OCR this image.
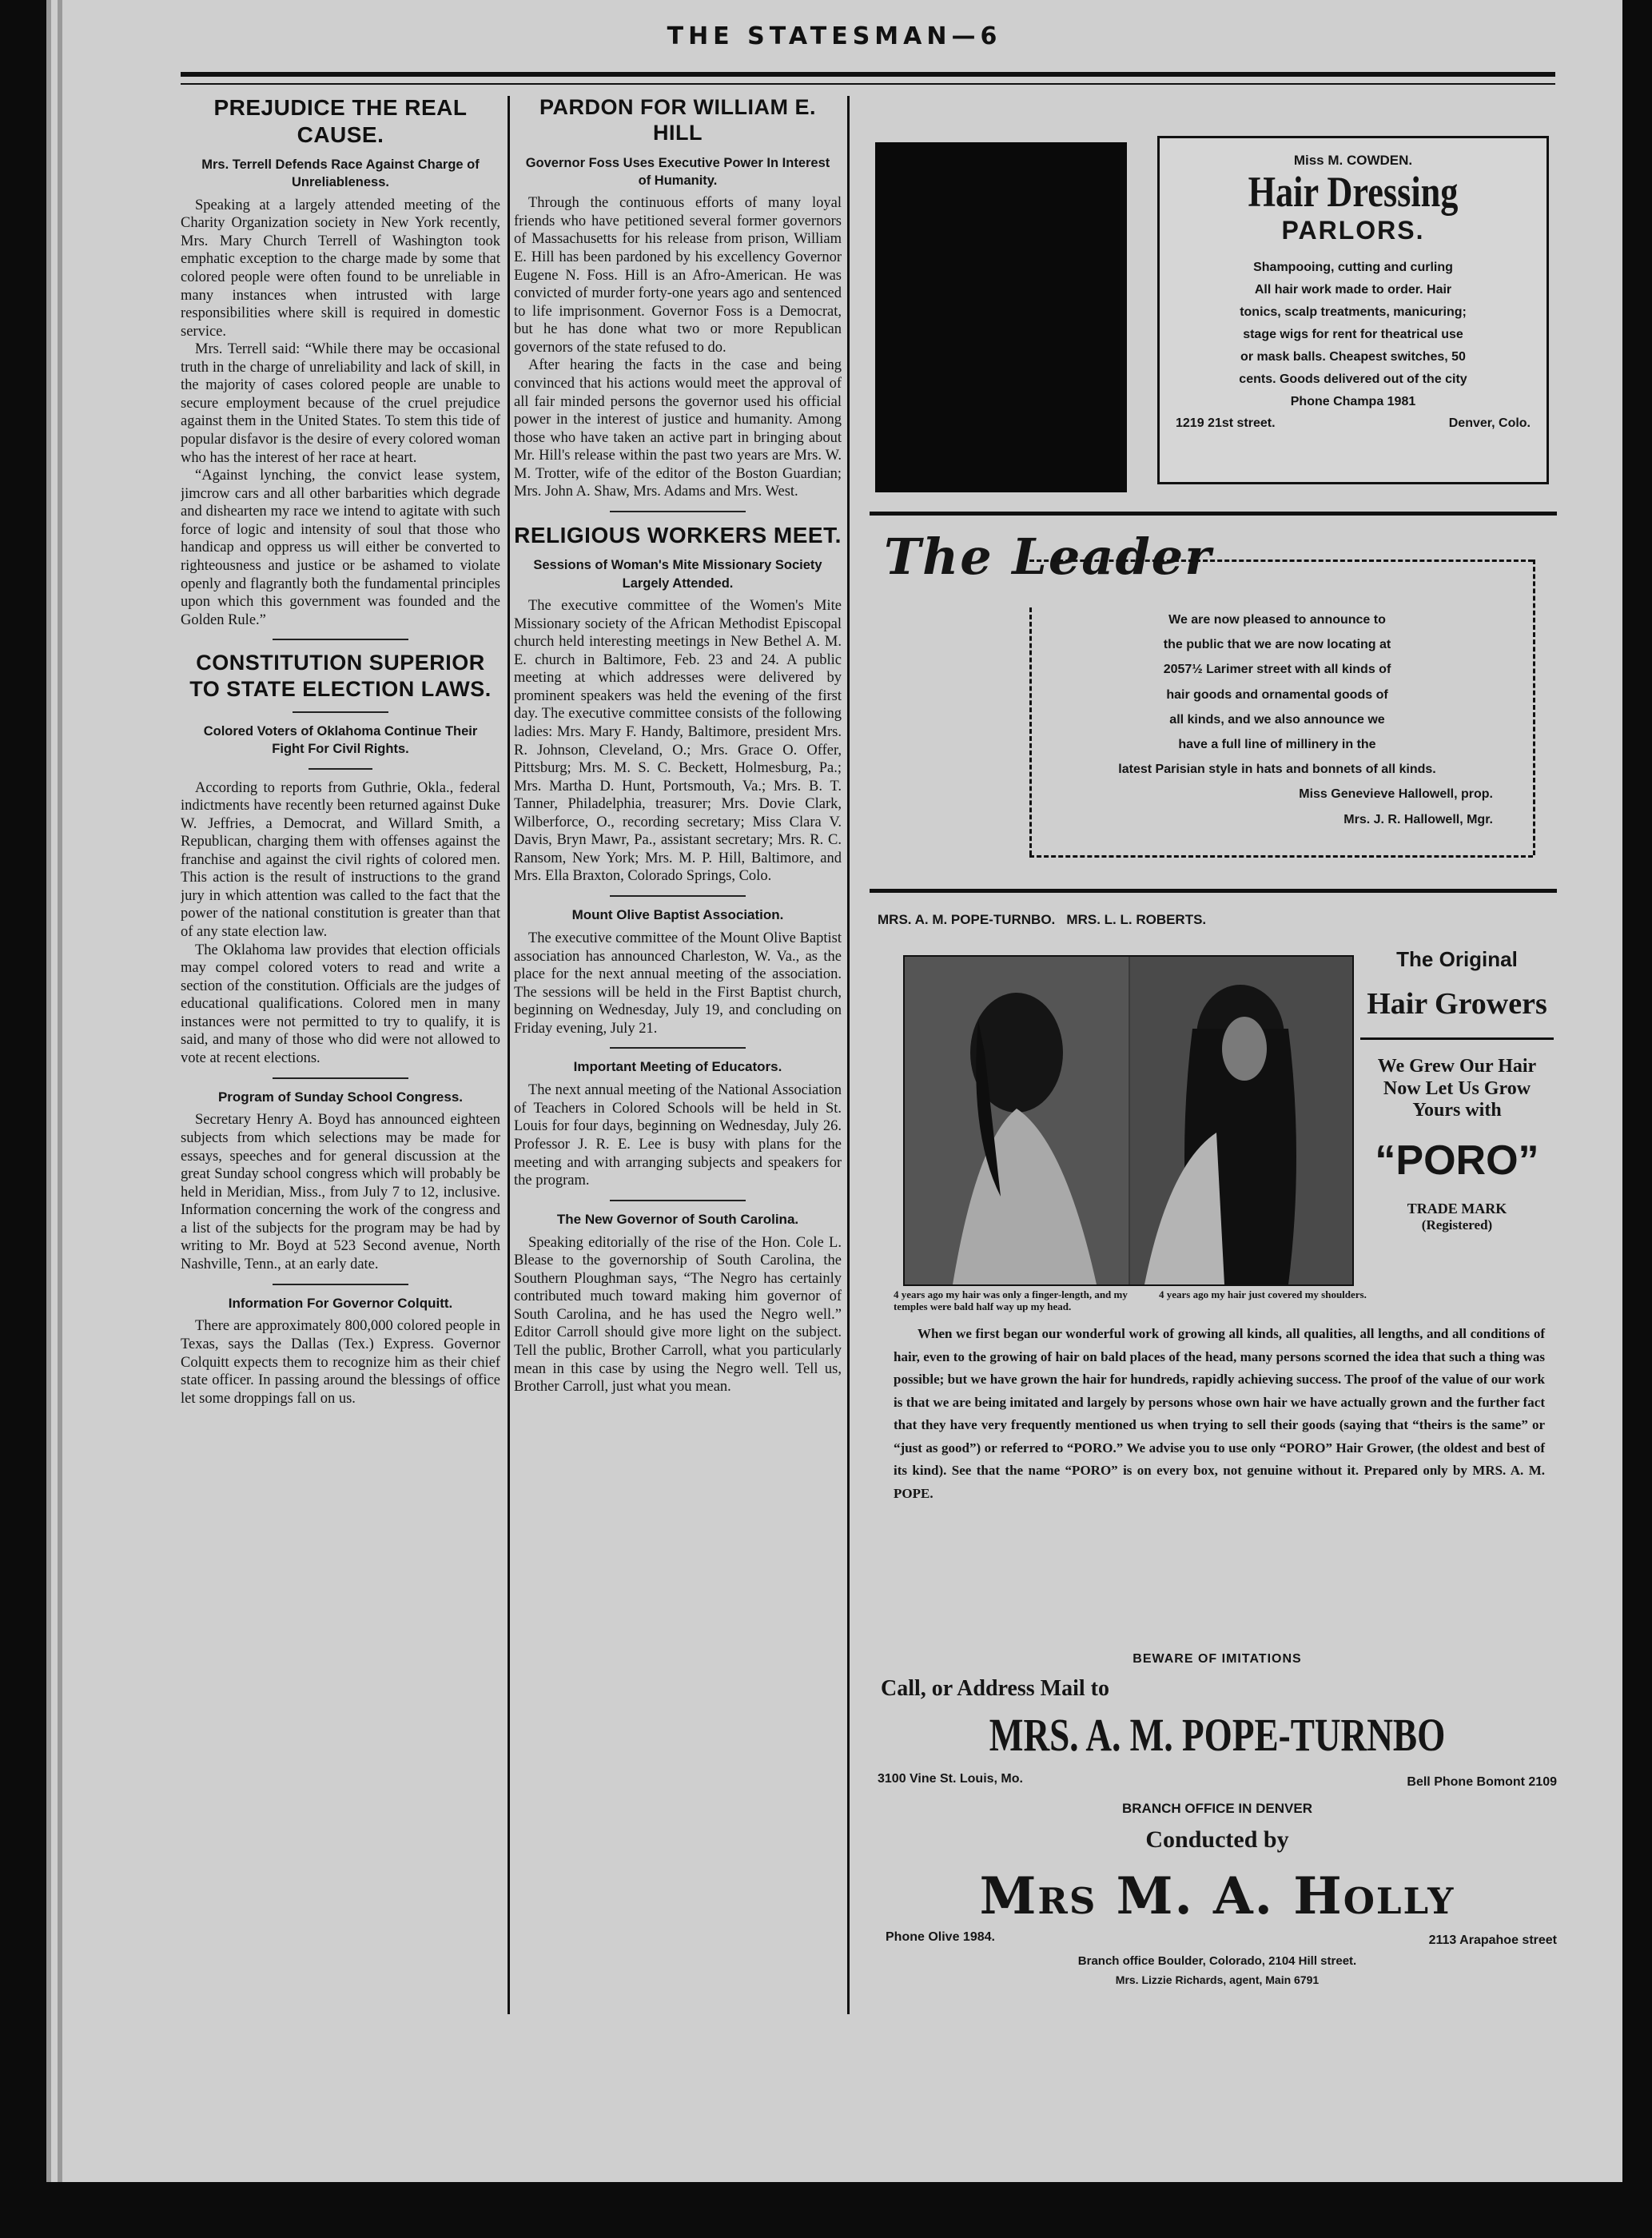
THE STATESMAN—6
PREJUDICE THE REAL CAUSE.
Mrs. Terrell Defends Race Against Charge of Unreliableness.

Speaking at a largely attended meeting of the Charity Organization society in New York recently, Mrs. Mary Church Terrell of Washington took emphatic exception to the charge made by some that colored people were often found to be unreliable in many instances when intrusted with large responsibilities where skill is required in domestic service.

Mrs. Terrell said: “While there may be occasional truth in the charge of unreliability and lack of skill, in the majority of cases colored people are unable to secure employment because of the cruel prejudice against them in the United States. To stem this tide of popular disfavor is the desire of every colored woman who has the interest of her race at heart.

“Against lynching, the convict lease system, jimcrow cars and all other barbarities which degrade and dishearten my race we intend to agitate with such force of logic and intensity of soul that those who handicap and oppress us will either be converted to righteousness and justice or be ashamed to violate openly and flagrantly both the fundamental principles upon which this government was founded and the Golden Rule.”

CONSTITUTION SUPERIOR TO STATE ELECTION LAWS.
Colored Voters of Oklahoma Continue Their Fight For Civil Rights.

According to reports from Guthrie, Okla., federal indictments have recently been returned against Duke W. Jeffries, a Democrat, and Willard Smith, a Republican, charging them with offenses against the franchise and against the civil rights of colored men. This action is the result of instructions to the grand jury in which attention was called to the fact that the power of the national constitution is greater than that of any state election law.

The Oklahoma law provides that election officials may compel colored voters to read and write a section of the constitution. Officials are the judges of educational qualifications. Colored men in many instances were not permitted to try to qualify, it is said, and many of those who did were not allowed to vote at recent elections.

Program of Sunday School Congress.

Secretary Henry A. Boyd has announced eighteen subjects from which selections may be made for essays, speeches and for general discussion at the great Sunday school congress which will probably be held in Meridian, Miss., from July 7 to 12, inclusive. Information concerning the work of the congress and a list of the subjects for the program may be had by writing to Mr. Boyd at 523 Second avenue, North Nashville, Tenn., at an early date.

Information For Governor Colquitt.

There are approximately 800,000 colored people in Texas, says the Dallas (Tex.) Express. Governor Colquitt expects them to recognize him as their chief state officer. In passing around the blessings of office let some droppings fall on us.

PARDON FOR WILLIAM E. HILL
Governor Foss Uses Executive Power In Interest of Humanity.

Through the continuous efforts of many loyal friends who have petitioned several former governors of Massachusetts for his release from prison, William E. Hill has been pardoned by his excellency Governor Eugene N. Foss. Hill is an Afro-American. He was convicted of murder forty-one years ago and sentenced to life imprisonment. Governor Foss is a Democrat, but he has done what two or more Republican governors of the state refused to do.

After hearing the facts in the case and being convinced that his actions would meet the approval of all fair minded persons the governor used his official power in the interest of justice and humanity. Among those who have taken an active part in bringing about Mr. Hill's release within the past two years are Mrs. W. M. Trotter, wife of the editor of the Boston Guardian; Mrs. John A. Shaw, Mrs. Adams and Mrs. West.

RELIGIOUS WORKERS MEET.
Sessions of Woman's Mite Missionary Society Largely Attended.

The executive committee of the Women's Mite Missionary society of the African Methodist Episcopal church held interesting meetings in New Bethel A. M. E. church in Baltimore, Feb. 23 and 24. A public meeting at which addresses were delivered by prominent speakers was held the evening of the first day. The executive committee consists of the following ladies: Mrs. Mary F. Handy, Baltimore, president Mrs. R. Johnson, Cleveland, O.; Mrs. Grace O. Offer, Pittsburg; Mrs. M. S. C. Beckett, Holmesburg, Pa.; Mrs. Martha D. Hunt, Portsmouth, Va.; Mrs. B. T. Tanner, Philadelphia, treasurer; Mrs. Dovie Clark, Wilberforce, O., recording secretary; Miss Clara V. Davis, Bryn Mawr, Pa., assistant secretary; Mrs. R. C. Ransom, New York; Mrs. M. P. Hill, Baltimore, and Mrs. Ella Braxton, Colorado Springs, Colo.

Mount Olive Baptist Association.

The executive committee of the Mount Olive Baptist association has announced Charleston, W. Va., as the place for the next annual meeting of the association. The sessions will be held in the First Baptist church, beginning on Wednesday, July 19, and concluding on Friday evening, July 21.

Important Meeting of Educators.

The next annual meeting of the National Association of Teachers in Colored Schools will be held in St. Louis for four days, beginning on Wednesday, July 26. Professor J. R. E. Lee is busy with plans for the meeting and with arranging subjects and speakers for the program.

The New Governor of South Carolina.

Speaking editorially of the rise of the Hon. Cole L. Blease to the governorship of South Carolina, the Southern Ploughman says, “The Negro has certainly contributed much toward making him governor of South Carolina, and he has used the Negro well.” Editor Carroll should give more light on the subject. Tell the public, Brother Carroll, what you particularly mean in this case by using the Negro well. Tell us, Brother Carroll, just what you mean.

Miss M. COWDEN.
Hair Dressing
PARLORS.
Shampooing, cutting and curling
All hair work made to order. Hair
tonics, scalp treatments, manicuring;
stage wigs for rent for theatrical use
or mask balls. Cheapest switches, 50
cents. Goods delivered out of the city
Phone Champa 1981
1219 21st street.	Denver, Colo.
The Leader
We are now pleased to announce to
the public that we are now locating at
2057½ Larimer street with all kinds of
hair goods and ornamental goods of
all kinds, and we also announce we
have a full line of millinery in the
latest Parisian style in hats and bonnets of all kinds.
Miss Genevieve Hallowell, prop.
Mrs. J. R. Hallowell, Mgr.
MRS. A. M. POPE-TURNBO.   MRS. L. L. ROBERTS.
The Original
Hair Growers
We Grew Our Hair
Now Let Us Grow
Yours with
“PORO”
TRADE MARK
(Registered)
4 years ago my hair was only a finger-length, and my temples were bald half way up my head.
4 years ago my hair just covered my shoulders.

When we first began our wonderful work of growing all kinds, all qualities, all lengths, and all conditions of hair, even to the growing of hair on bald places of the head, many persons scorned the idea that such a thing was possible; but we have grown the hair for hundreds, rapidly achieving success. The proof of the value of our work is that we are being imitated and largely by persons whose own hair we have actually grown and the further fact that they have very frequently mentioned us when trying to sell their goods (saying that “theirs is the same” or “just as good”) or referred to “PORO.” We advise you to use only “PORO” Hair Grower, (the oldest and best of its kind). See that the name “PORO” is on every box, not genuine without it. Prepared only by MRS. A. M. POPE.

BEWARE OF IMITATIONS
Call, or Address Mail to
MRS. A. M. POPE-TURNBO
3100 Vine St. Louis, Mo.	Bell Phone Bomont 2109
BRANCH OFFICE IN DENVER
Conducted by
Mrs M. A. Holly
Phone Olive 1984.	2113 Arapahoe street
Branch office Boulder, Colorado, 2104 Hill street.
Mrs. Lizzie Richards, agent, Main 6791
